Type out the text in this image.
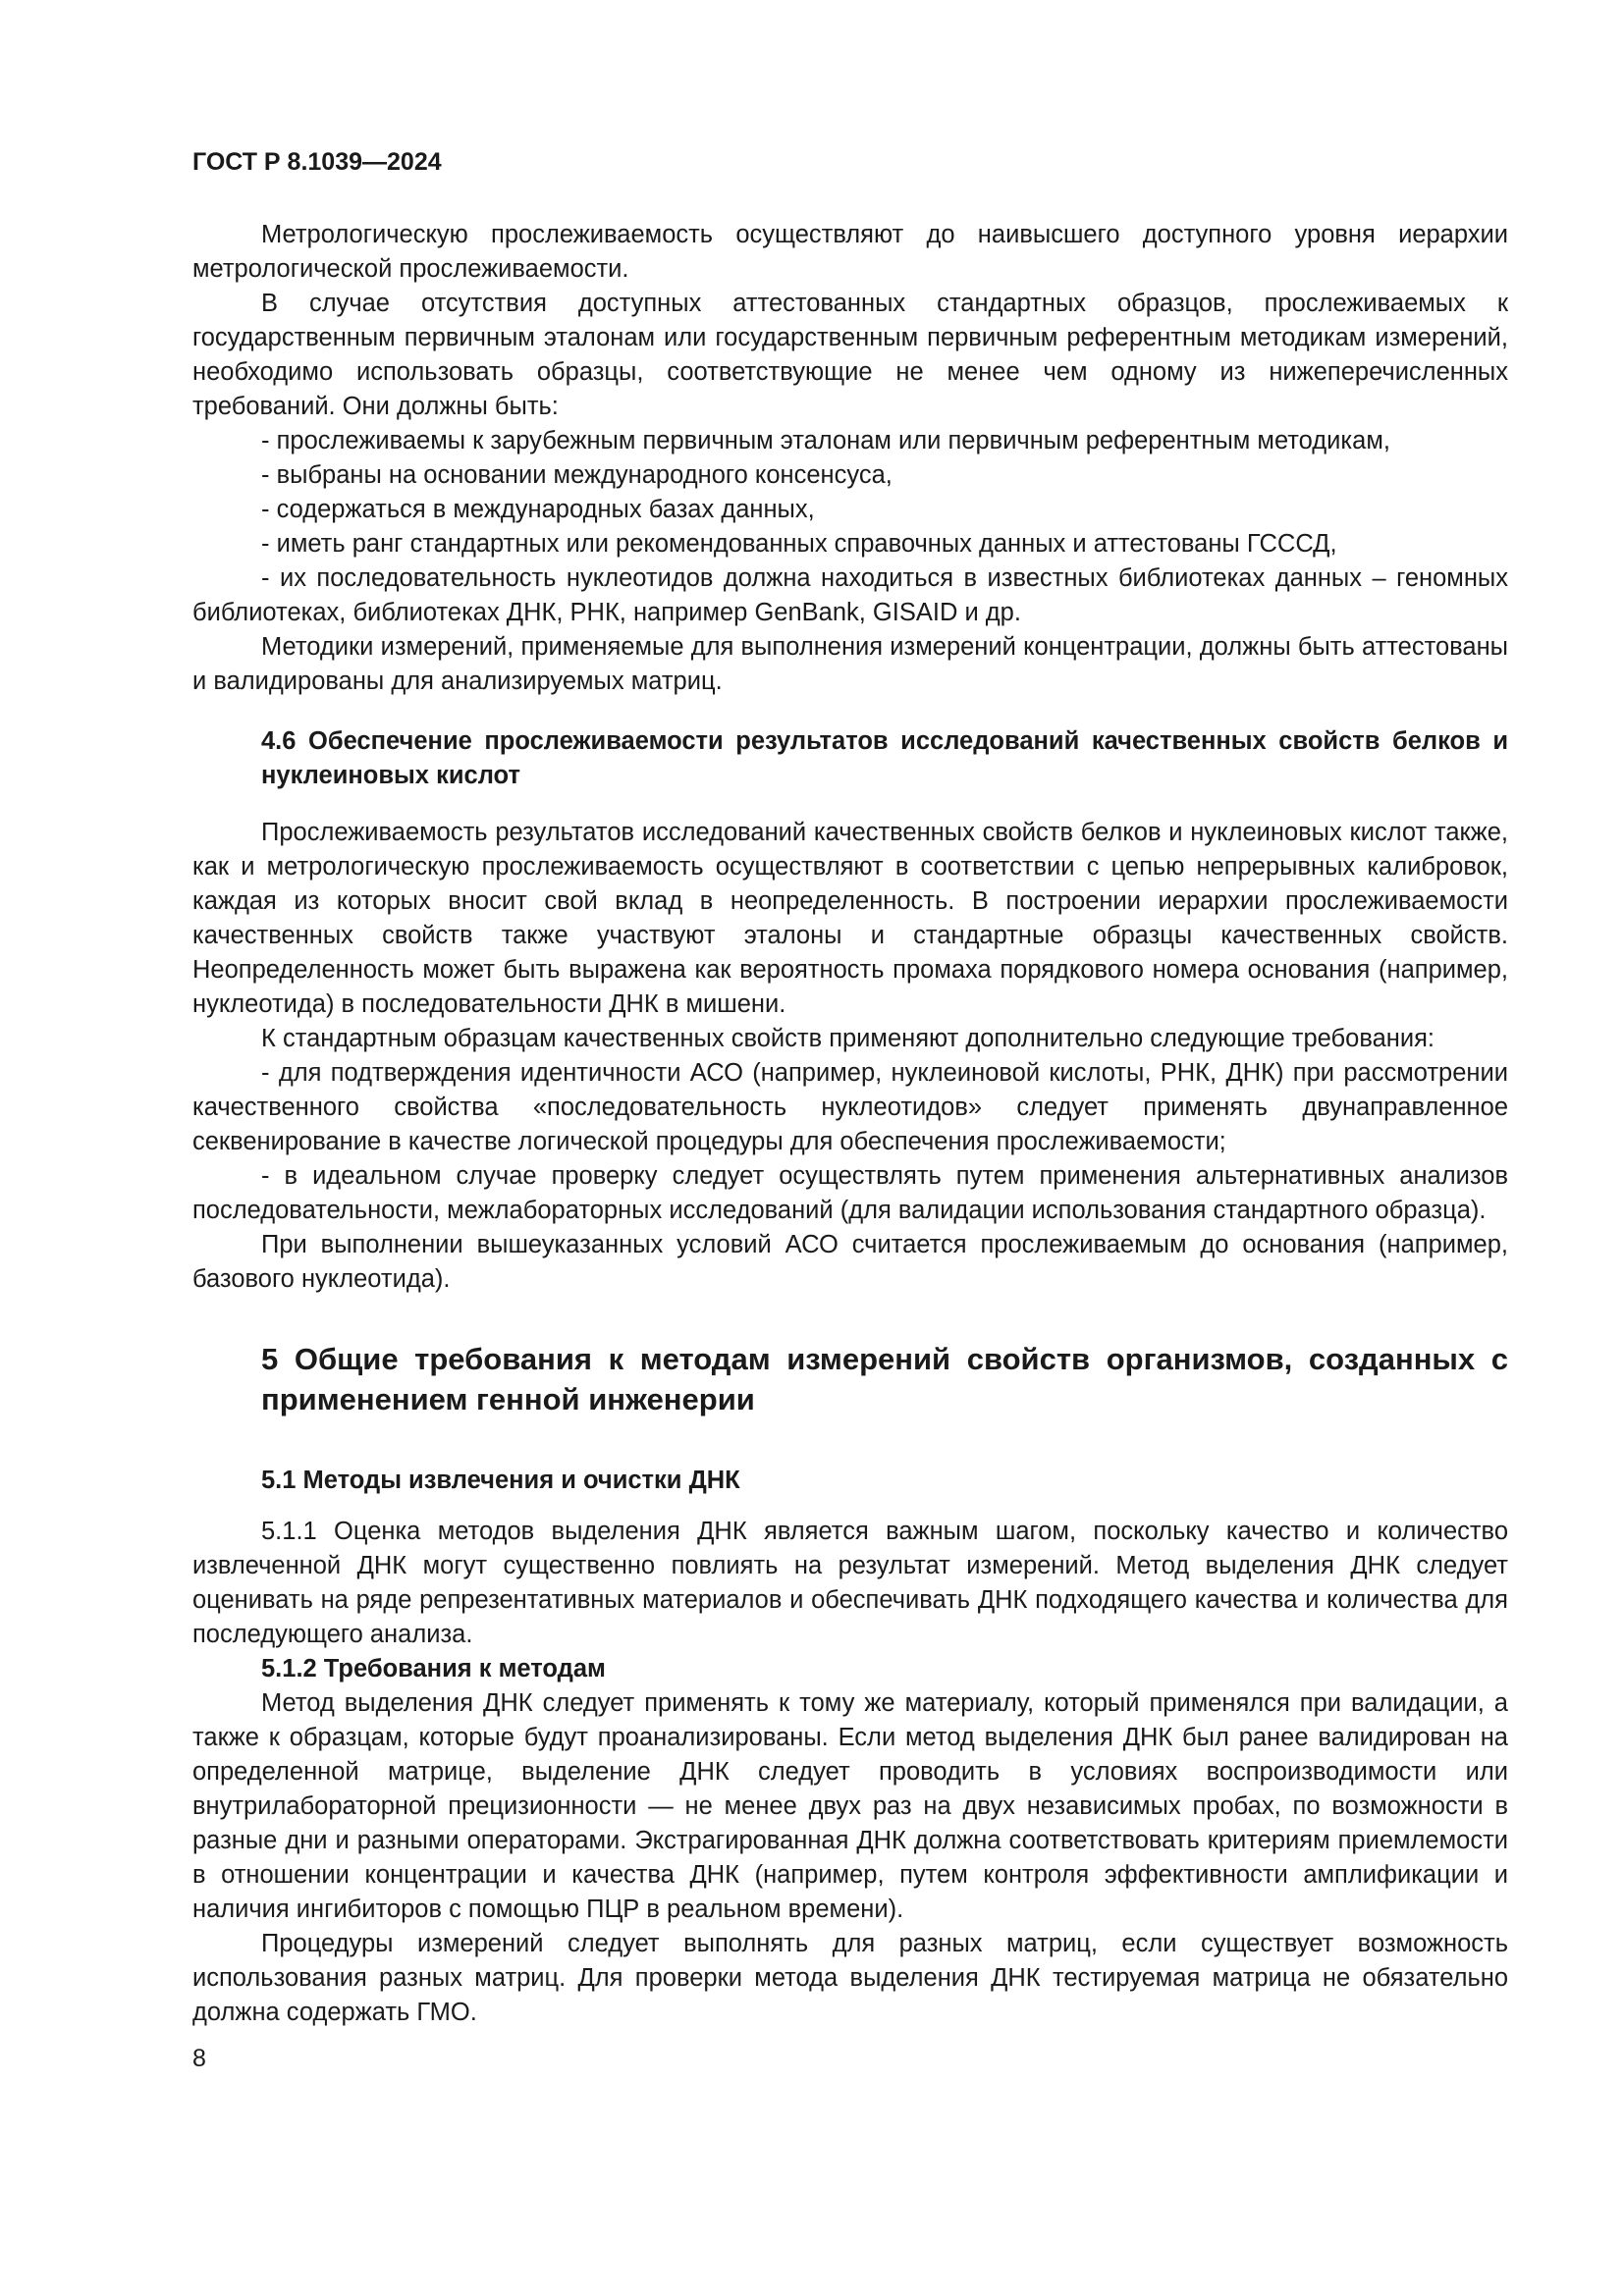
ГОСТ Р 8.1039—2024

Метрологическую прослеживаемость осуществляют до наивысшего доступного уровня иерархии метрологической прослеживаемости.

В случае отсутствия доступных аттестованных стандартных образцов, прослеживаемых к государственным первичным эталонам или государственным первичным референтным методикам измерений, необходимо использовать образцы, соответствующие не менее чем одному из нижеперечисленных требований. Они должны быть:

- прослеживаемы к зарубежным первичным эталонам или первичным референтным методикам,

- выбраны на основании международного консенсуса,

- содержаться в международных базах данных,

- иметь ранг стандартных или рекомендованных справочных данных и аттестованы ГСССД,

- их последовательность нуклеотидов должна находиться в известных библиотеках данных – геномных библиотеках, библиотеках ДНК, РНК, например GenBank, GISAID и др.

Методики измерений, применяемые для выполнения измерений концентрации, должны быть аттестованы и валидированы для анализируемых матриц.

4.6 Обеспечение прослеживаемости результатов исследований качественных свойств белков и нуклеиновых кислот

Прослеживаемость результатов исследований качественных свойств белков и нуклеиновых кислот также, как и метрологическую прослеживаемость осуществляют в соответствии с цепью непрерывных калибровок, каждая из которых вносит свой вклад в неопределенность. В построении иерархии прослеживаемости качественных свойств также участвуют эталоны и стандартные образцы качественных свойств. Неопределенность может быть выражена как вероятность промаха порядкового номера основания (например, нуклеотида) в последовательности ДНК в мишени.

К стандартным образцам качественных свойств применяют дополнительно следующие требования:

- для подтверждения идентичности АСО (например, нуклеиновой кислоты, РНК, ДНК) при рассмотрении качественного свойства «последовательность нуклеотидов» следует применять двунаправленное секвенирование в качестве логической процедуры для обеспечения прослеживаемости;

- в идеальном случае проверку следует осуществлять путем применения альтернативных анализов последовательности, межлабораторных исследований (для валидации использования стандартного образца).

При выполнении вышеуказанных условий АСО считается прослеживаемым до основания (например, базового нуклеотида).

5 Общие требования к методам измерений свойств организмов, созданных с применением генной инженерии

5.1 Методы извлечения и очистки ДНК

5.1.1 Оценка методов выделения ДНК является важным шагом, поскольку качество и количество извлеченной ДНК могут существенно повлиять на результат измерений. Метод выделения ДНК следует оценивать на ряде репрезентативных материалов и обеспечивать ДНК подходящего качества и количества для последующего анализа.

5.1.2 Требования к методам

Метод выделения ДНК следует применять к тому же материалу, который применялся при валидации, а также к образцам, которые будут проанализированы. Если метод выделения ДНК был ранее валидирован на определенной матрице, выделение ДНК следует проводить в условиях воспроизводимости или внутрилабораторной прецизионности — не менее двух раз на двух независимых пробах, по возможности в разные дни и разными операторами. Экстрагированная ДНК должна соответствовать критериям приемлемости в отношении концентрации и качества ДНК (например, путем контроля эффективности амплификации и наличия ингибиторов с помощью ПЦР в реальном времени).

Процедуры измерений следует выполнять для разных матриц, если существует возможность использования разных матриц. Для проверки метода выделения ДНК тестируемая матрица не обязательно должна содержать ГМО.

8
